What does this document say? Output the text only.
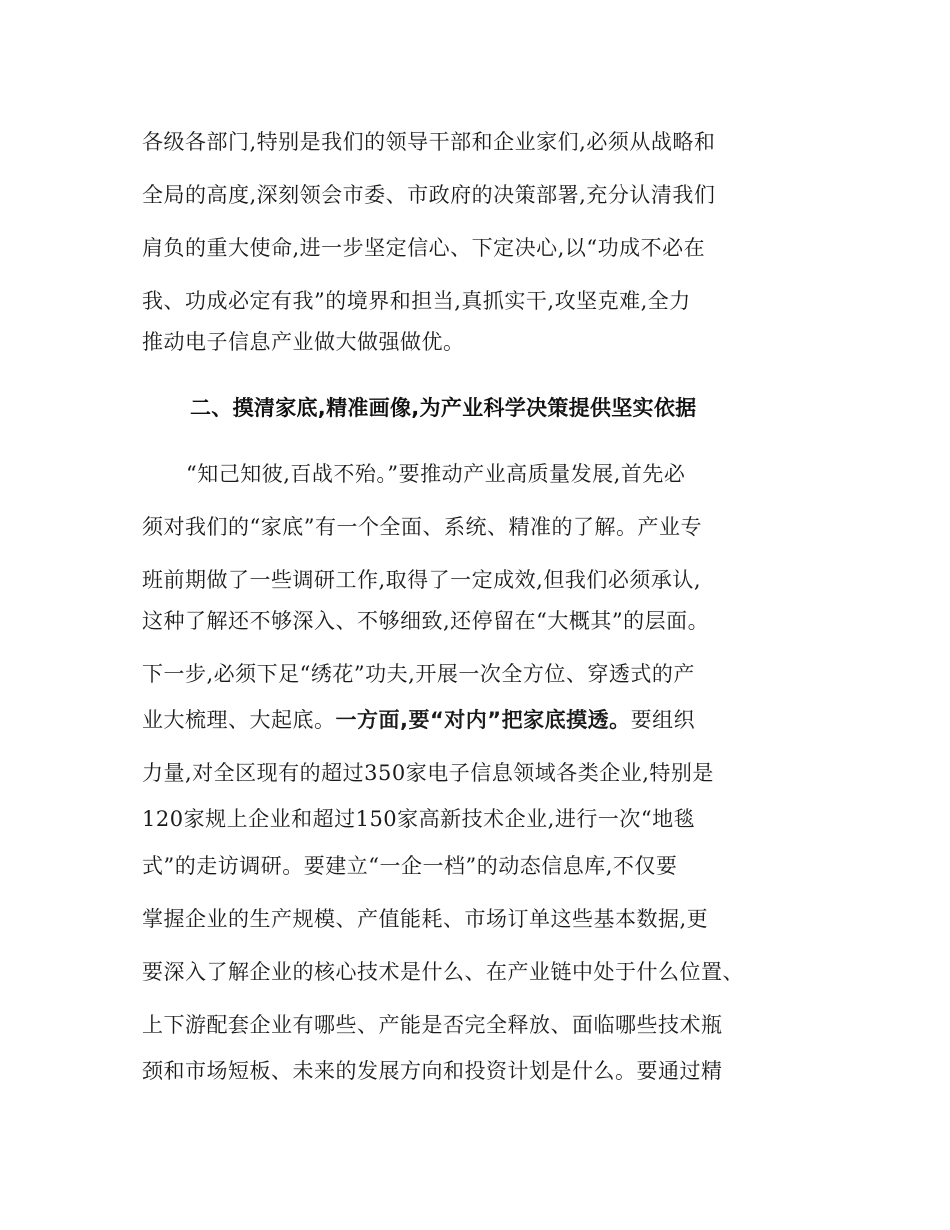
各级各部门,特别是我们的领导干部和企业家们,必须从战略和
全局的高度,深刻领会市委、市政府的决策部署,充分认清我们
肩负的重大使命,进一步坚定信心、下定决心,以“功成不必在
我、功成必定有我”的境界和担当,真抓实干,攻坚克难,全力
推动电子信息产业做大做强做优。
二、摸清家底,精准画像,为产业科学决策提供坚实依据
“知己知彼,百战不殆。”要推动产业高质量发展,首先必
须对我们的“家底”有一个全面、系统、精准的了解。产业专
班前期做了一些调研工作,取得了一定成效,但我们必须承认,
这种了解还不够深入、不够细致,还停留在“大概其”的层面。
下一步,必须下足“绣花”功夫,开展一次全方位、穿透式的产
业大梳理、大起底。一方面,要“对内”把家底摸透。要组织
力量,对全区现有的超过350家电子信息领域各类企业,特别是
120家规上企业和超过150家高新技术企业,进行一次“地毯
式”的走访调研。要建立“一企一档”的动态信息库,不仅要
掌握企业的生产规模、产值能耗、市场订单这些基本数据,更
要深入了解企业的核心技术是什么、在产业链中处于什么位置、
上下游配套企业有哪些、产能是否完全释放、面临哪些技术瓶
颈和市场短板、未来的发展方向和投资计划是什么。要通过精
